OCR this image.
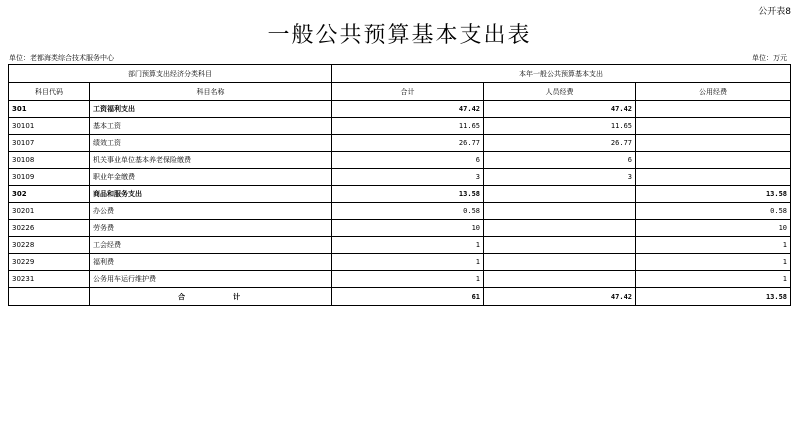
公开表8
一般公共预算基本支出表
单位：老都海类综合技术服务中心	单位：万元
部门预算支出经济分类科目		本年一般公共预算基本支出		
科目代码	科目名称	合计	人员经费	公用经费
301	工资福利支出	47.42	47.42	
30101	基本工资	11.65	11.65	
30107	绩效工资	26.77	26.77	
30108	机关事业单位基本养老保险缴费	6	6	
30109	职业年金缴费	3	3	
302	商品和服务支出	13.58		13.58
30201	办公费	0.58		0.58
30226	劳务费	10		10
30228	工会经费	1		1
30229	福利费	1		1
30231	公务用车运行维护费	1		1
	合计	61	47.42	13.58
